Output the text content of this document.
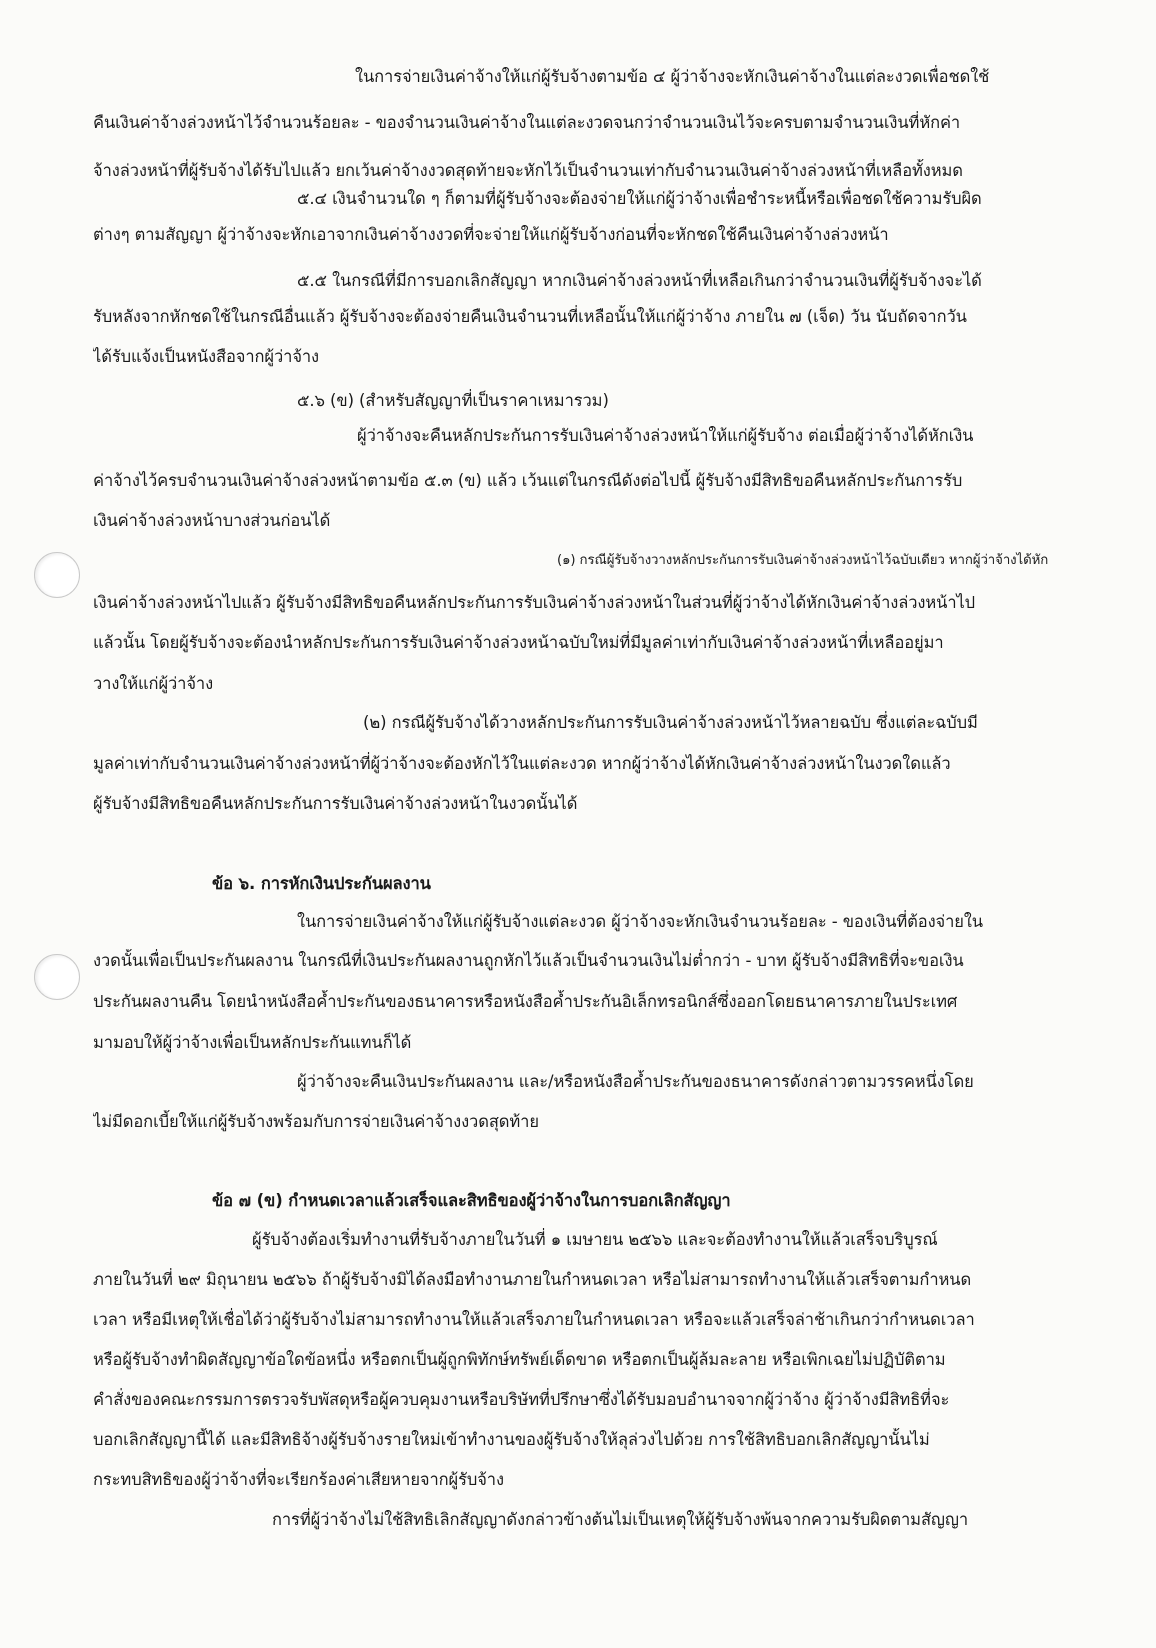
ในการจ่ายเงินค่าจ้างให้แก่ผู้รับจ้างตามข้อ ๔ ผู้ว่าจ้างจะหักเงินค่าจ้างในแต่ละงวดเพื่อชดใช้

คืนเงินค่าจ้างล่วงหน้าไว้จำนวนร้อยละ - ของจำนวนเงินค่าจ้างในแต่ละงวดจนกว่าจำนวนเงินไว้จะครบตามจำนวนเงินที่หักค่า

จ้างล่วงหน้าที่ผู้รับจ้างได้รับไปแล้ว ยกเว้นค่าจ้างงวดสุดท้ายจะหักไว้เป็นจำนวนเท่ากับจำนวนเงินค่าจ้างล่วงหน้าที่เหลือทั้งหมด

๕.๔ เงินจำนวนใด ๆ ก็ตามที่ผู้รับจ้างจะต้องจ่ายให้แก่ผู้ว่าจ้างเพื่อชำระหนี้หรือเพื่อชดใช้ความรับผิด

ต่างๆ ตามสัญญา ผู้ว่าจ้างจะหักเอาจากเงินค่าจ้างงวดที่จะจ่ายให้แก่ผู้รับจ้างก่อนที่จะหักชดใช้คืนเงินค่าจ้างล่วงหน้า

๕.๕ ในกรณีที่มีการบอกเลิกสัญญา หากเงินค่าจ้างล่วงหน้าที่เหลือเกินกว่าจำนวนเงินที่ผู้รับจ้างจะได้

รับหลังจากหักชดใช้ในกรณีอื่นแล้ว ผู้รับจ้างจะต้องจ่ายคืนเงินจำนวนที่เหลือนั้นให้แก่ผู้ว่าจ้าง ภายใน ๗ (เจ็ด) วัน นับถัดจากวัน

ได้รับแจ้งเป็นหนังสือจากผู้ว่าจ้าง

๕.๖ (ข) (สำหรับสัญญาที่เป็นราคาเหมารวม)

ผู้ว่าจ้างจะคืนหลักประกันการรับเงินค่าจ้างล่วงหน้าให้แก่ผู้รับจ้าง ต่อเมื่อผู้ว่าจ้างได้หักเงิน

ค่าจ้างไว้ครบจำนวนเงินค่าจ้างล่วงหน้าตามข้อ ๕.๓ (ข) แล้ว เว้นแต่ในกรณีดังต่อไปนี้ ผู้รับจ้างมีสิทธิขอคืนหลักประกันการรับ

เงินค่าจ้างล่วงหน้าบางส่วนก่อนได้

(๑) กรณีผู้รับจ้างวางหลักประกันการรับเงินค่าจ้างล่วงหน้าไว้ฉบับเดียว หากผู้ว่าจ้างได้หัก

เงินค่าจ้างล่วงหน้าไปแล้ว ผู้รับจ้างมีสิทธิขอคืนหลักประกันการรับเงินค่าจ้างล่วงหน้าในส่วนที่ผู้ว่าจ้างได้หักเงินค่าจ้างล่วงหน้าไป

แล้วนั้น โดยผู้รับจ้างจะต้องนำหลักประกันการรับเงินค่าจ้างล่วงหน้าฉบับใหม่ที่มีมูลค่าเท่ากับเงินค่าจ้างล่วงหน้าที่เหลืออยู่มา

วางให้แก่ผู้ว่าจ้าง

(๒) กรณีผู้รับจ้างได้วางหลักประกันการรับเงินค่าจ้างล่วงหน้าไว้หลายฉบับ ซึ่งแต่ละฉบับมี

มูลค่าเท่ากับจำนวนเงินค่าจ้างล่วงหน้าที่ผู้ว่าจ้างจะต้องหักไว้ในแต่ละงวด หากผู้ว่าจ้างได้หักเงินค่าจ้างล่วงหน้าในงวดใดแล้ว

ผู้รับจ้างมีสิทธิขอคืนหลักประกันการรับเงินค่าจ้างล่วงหน้าในงวดนั้นได้

ข้อ ๖. การหักเงินประกันผลงาน

ในการจ่ายเงินค่าจ้างให้แก่ผู้รับจ้างแต่ละงวด ผู้ว่าจ้างจะหักเงินจำนวนร้อยละ - ของเงินที่ต้องจ่ายใน

งวดนั้นเพื่อเป็นประกันผลงาน ในกรณีที่เงินประกันผลงานถูกหักไว้แล้วเป็นจำนวนเงินไม่ต่ำกว่า - บาท ผู้รับจ้างมีสิทธิที่จะขอเงิน

ประกันผลงานคืน โดยนำหนังสือค้ำประกันของธนาคารหรือหนังสือค้ำประกันอิเล็กทรอนิกส์ซึ่งออกโดยธนาคารภายในประเทศ

มามอบให้ผู้ว่าจ้างเพื่อเป็นหลักประกันแทนก็ได้

ผู้ว่าจ้างจะคืนเงินประกันผลงาน และ/หรือหนังสือค้ำประกันของธนาคารดังกล่าวตามวรรคหนึ่งโดย

ไม่มีดอกเบี้ยให้แก่ผู้รับจ้างพร้อมกับการจ่ายเงินค่าจ้างงวดสุดท้าย

ข้อ ๗ (ข) กำหนดเวลาแล้วเสร็จและสิทธิของผู้ว่าจ้างในการบอกเลิกสัญญา

ผู้รับจ้างต้องเริ่มทำงานที่รับจ้างภายในวันที่ ๑ เมษายน ๒๕๖๖ และจะต้องทำงานให้แล้วเสร็จบริบูรณ์

ภายในวันที่ ๒๙ มิถุนายน ๒๕๖๖ ถ้าผู้รับจ้างมิได้ลงมือทำงานภายในกำหนดเวลา หรือไม่สามารถทำงานให้แล้วเสร็จตามกำหนด

เวลา หรือมีเหตุให้เชื่อได้ว่าผู้รับจ้างไม่สามารถทำงานให้แล้วเสร็จภายในกำหนดเวลา หรือจะแล้วเสร็จล่าช้าเกินกว่ากำหนดเวลา

หรือผู้รับจ้างทำผิดสัญญาข้อใดข้อหนึ่ง หรือตกเป็นผู้ถูกพิทักษ์ทรัพย์เด็ดขาด หรือตกเป็นผู้ล้มละลาย หรือเพิกเฉยไม่ปฏิบัติตาม

คำสั่งของคณะกรรมการตรวจรับพัสดุหรือผู้ควบคุมงานหรือบริษัทที่ปรึกษาซึ่งได้รับมอบอำนาจจากผู้ว่าจ้าง ผู้ว่าจ้างมีสิทธิที่จะ

บอกเลิกสัญญานี้ได้ และมีสิทธิจ้างผู้รับจ้างรายใหม่เข้าทำงานของผู้รับจ้างให้ลุล่วงไปด้วย การใช้สิทธิบอกเลิกสัญญานั้นไม่

กระทบสิทธิของผู้ว่าจ้างที่จะเรียกร้องค่าเสียหายจากผู้รับจ้าง

การที่ผู้ว่าจ้างไม่ใช้สิทธิเลิกสัญญาดังกล่าวข้างต้นไม่เป็นเหตุให้ผู้รับจ้างพ้นจากความรับผิดตามสัญญา
